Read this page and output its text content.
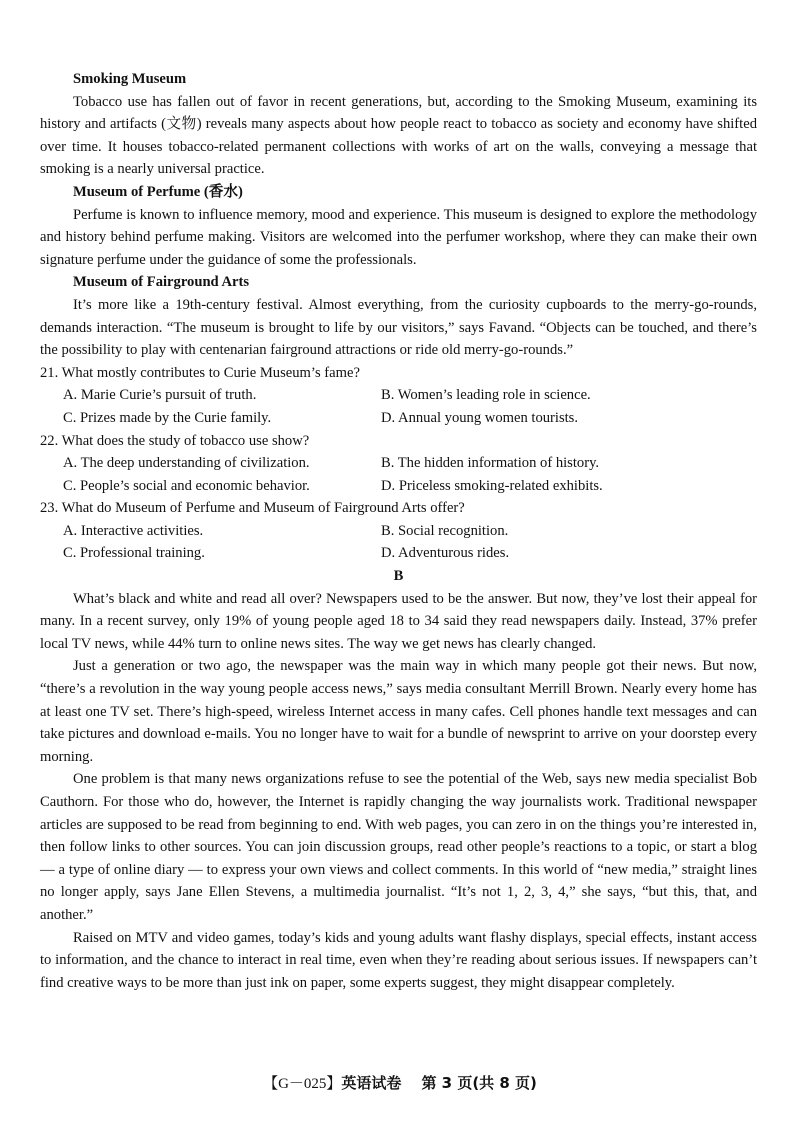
Smoking Museum

Tobacco use has fallen out of favor in recent generations, but, according to the Smoking Museum, examining its history and artifacts (文物) reveals many aspects about how people react to tobacco as society and economy have shifted over time. It houses tobacco-related permanent collections with works of art on the walls, conveying a message that smoking is a nearly universal practice.

Museum of Perfume (香水)

Perfume is known to influence memory, mood and experience. This museum is designed to explore the methodology and history behind perfume making. Visitors are welcomed into the perfumer workshop, where they can make their own signature perfume under the guidance of some the professionals.

Museum of Fairground Arts

It’s more like a 19th-century festival. Almost everything, from the curiosity cupboards to the merry-go-rounds, demands interaction. “The museum is brought to life by our visitors,” says Favand. “Objects can be touched, and there’s the possibility to play with centenarian fairground attractions or ride old merry-go-rounds.”

21. What mostly contributes to Curie Museum’s fame?

A. Marie Curie’s pursuit of truth.	B. Women’s leading role in science.
C. Prizes made by the Curie family.	D. Annual young women tourists.

22. What does the study of tobacco use show?

A. The deep understanding of civilization.	B. The hidden information of history.
C. People’s social and economic behavior.	D. Priceless smoking-related exhibits.

23. What do Museum of Perfume and Museum of Fairground Arts offer?

A. Interactive activities.	B. Social recognition.
C. Professional training.	D. Adventurous rides.

B

What’s black and white and read all over? Newspapers used to be the answer. But now, they’ve lost their appeal for many. In a recent survey, only 19% of young people aged 18 to 34 said they read newspapers daily. Instead, 37% prefer local TV news, while 44% turn to online news sites. The way we get news has clearly changed.

Just a generation or two ago, the newspaper was the main way in which many people got their news. But now, “there’s a revolution in the way young people access news,” says media consultant Merrill Brown. Nearly every home has at least one TV set. There’s high-speed, wireless Internet access in many cafes. Cell phones handle text messages and can take pictures and download e-mails. You no longer have to wait for a bundle of newsprint to arrive on your doorstep every morning.

One problem is that many news organizations refuse to see the potential of the Web, says new media specialist Bob Cauthorn. For those who do, however, the Internet is rapidly changing the way journalists work. Traditional newspaper articles are supposed to be read from beginning to end. With web pages, you can zero in on the things you’re interested in, then follow links to other sources. You can join discussion groups, read other people’s reactions to a topic, or start a blog — a type of online diary — to express your own views and collect comments. In this world of “new media,” straight lines no longer apply, says Jane Ellen Stevens, a multimedia journalist. “It’s not 1, 2, 3, 4,” she says, “but this, that, and another.”

Raised on MTV and video games, today’s kids and young adults want flashy displays, special effects, instant access to information, and the chance to interact in real time, even when they’re reading about serious issues. If newspapers can’t find creative ways to be more than just ink on paper, some experts suggest, they might disappear completely.

【G－025】英语试卷 第 3 页(共 8 页)
